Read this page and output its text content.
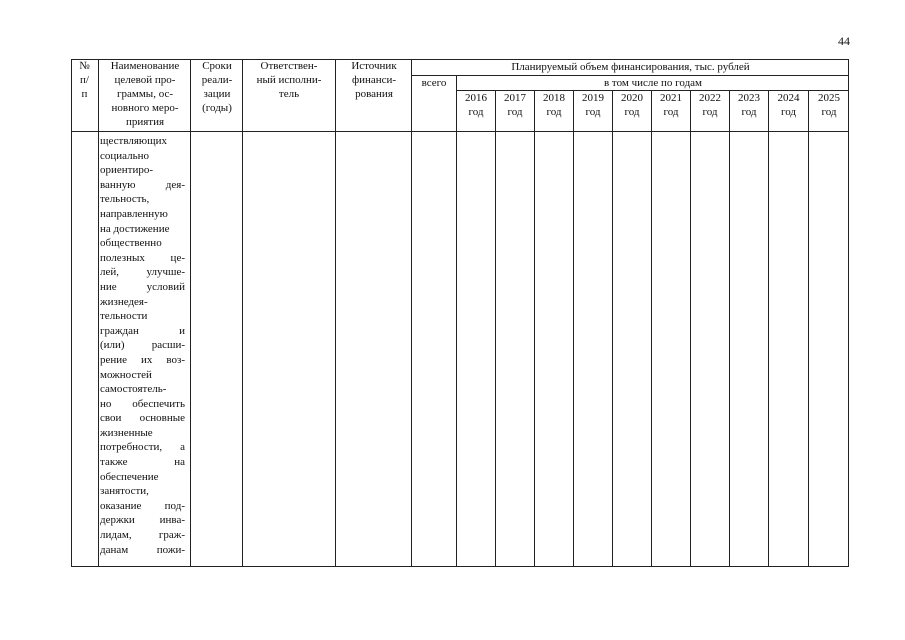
44
№
п/
п
Наименование
целевой про-
граммы, ос-
новного меро-
приятия
Сроки
реали-
зации
(годы)
Ответствен-
ный исполни-
тель
Источник
финанси-
рования
Планируемый объем финансирования, тыс. рублей
всего	в том числе по годам
2016
год
2017
год
2018
год
2019
год
2020
год
2021
год
2022
год
2023
год
2024
год
2025
год
ществляющих
социально
ориентиро-
ванную дея-
тельность,
направленную
на достижение
общественно
полезных це-
лей, улучше-
ние условий
жизнедея-
тельности
граждан и
(или) расши-
рение их воз-
можностей
самостоятель-
но обеспечить
свои основные
жизненные
потребности, а
также на
обеспечение
занятости,
оказание под-
держки инва-
лидам, граж-
данам пожи-
